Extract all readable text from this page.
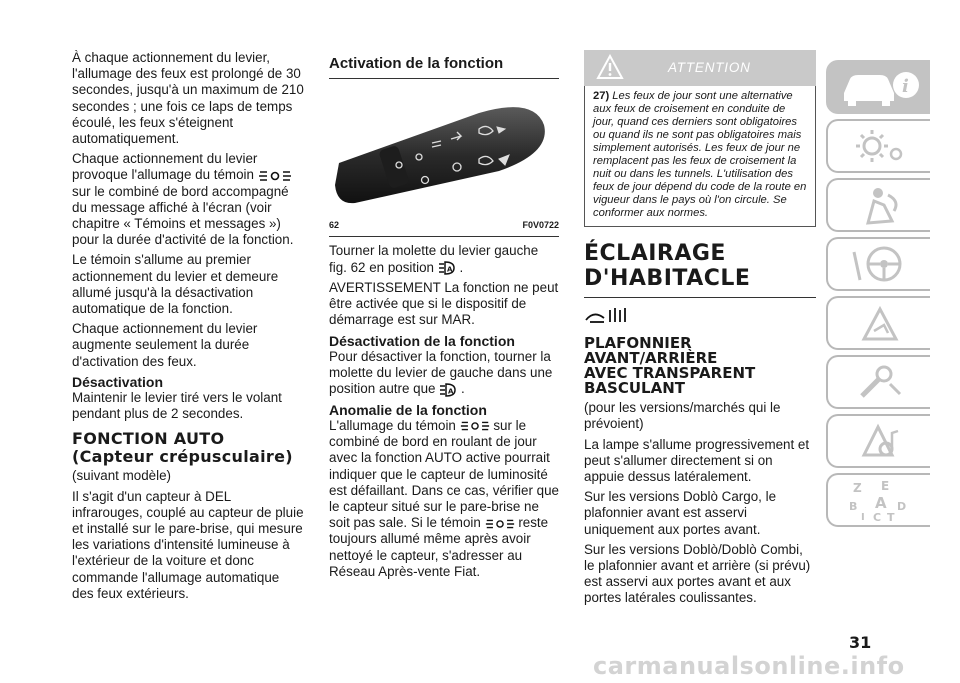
À chaque actionnement du levier, l'allumage des feux est prolongé de 30 secondes, jusqu'à un maximum de 210 secondes ; une fois ce laps de temps écoulé, les feux s'éteignent automatiquement.

Chaque actionnement du levier provoque l'allumage du témoin  sur le combiné de bord accompagné du message affiché à l'écran (voir chapitre « Témoins et messages ») pour la durée d'activité de la fonction.

Le témoin s'allume au premier actionnement du levier et demeure allumé jusqu'à la désactivation automatique de la fonction.

Chaque actionnement du levier augmente seulement la durée d'activation des feux.

Désactivation

Maintenir le levier tiré vers le volant pendant plus de 2 secondes.

FONCTION AUTO
(Capteur crépusculaire)

(suivant modèle)

Il s'agit d'un capteur à DEL infrarouges, couplé au capteur de pluie et installé sur le pare-brise, qui mesure les variations d'intensité lumineuse à l'extérieur de la voiture et donc commande l'allumage automatique des feux extérieurs.

Activation de la fonction
62	F0V0722

Tourner la molette du levier gauche fig. 62 en position A .

AVERTISSEMENT La fonction ne peut être activée que si le dispositif de démarrage est sur MAR.

Désactivation de la fonction

Pour désactiver la fonction, tourner la molette du levier de gauche dans une position autre que A .

Anomalie de la fonction

L'allumage du témoin	sur le combiné de bord en roulant de jour avec la fonction AUTO active pourrait indiquer que le capteur de luminosité est défaillant. Dans ce cas, vérifier que le capteur situé sur le pare-brise ne soit pas sale. Si le témoin	reste toujours allumé même après avoir nettoyé le capteur, s'adresser au Réseau Après-vente Fiat.

ATTENTION
27) Les feux de jour sont une alternative aux feux de croisement en conduite de jour, quand ces derniers sont obligatoires ou quand ils ne sont pas obligatoires mais simplement autorisés. Les feux de jour ne remplacent pas les feux de croisement la nuit ou dans les tunnels. L'utilisation des feux de jour dépend du code de la route en vigueur dans le pays où l'on circule. Se conformer aux normes.
ÉCLAIRAGE
D'HABITACLE
PLAFONNIER
AVANT/ARRIÈRE
AVEC TRANSPARENT
BASCULANT

(pour les versions/marchés qui le prévoient)

La lampe s'allume progressivement et peut s'allumer directement si on appuie dessus latéralement.

Sur les versions Doblò Cargo, le plafonnier avant est asservi uniquement aux portes avant.

Sur les versions Doblò/Doblò Combi, le plafonnier avant et arrière (si prévu) est asservi aux portes avant et aux portes latérales coulissantes.

i
Z E
B A D
I C T
31
carmanualsonline.info
